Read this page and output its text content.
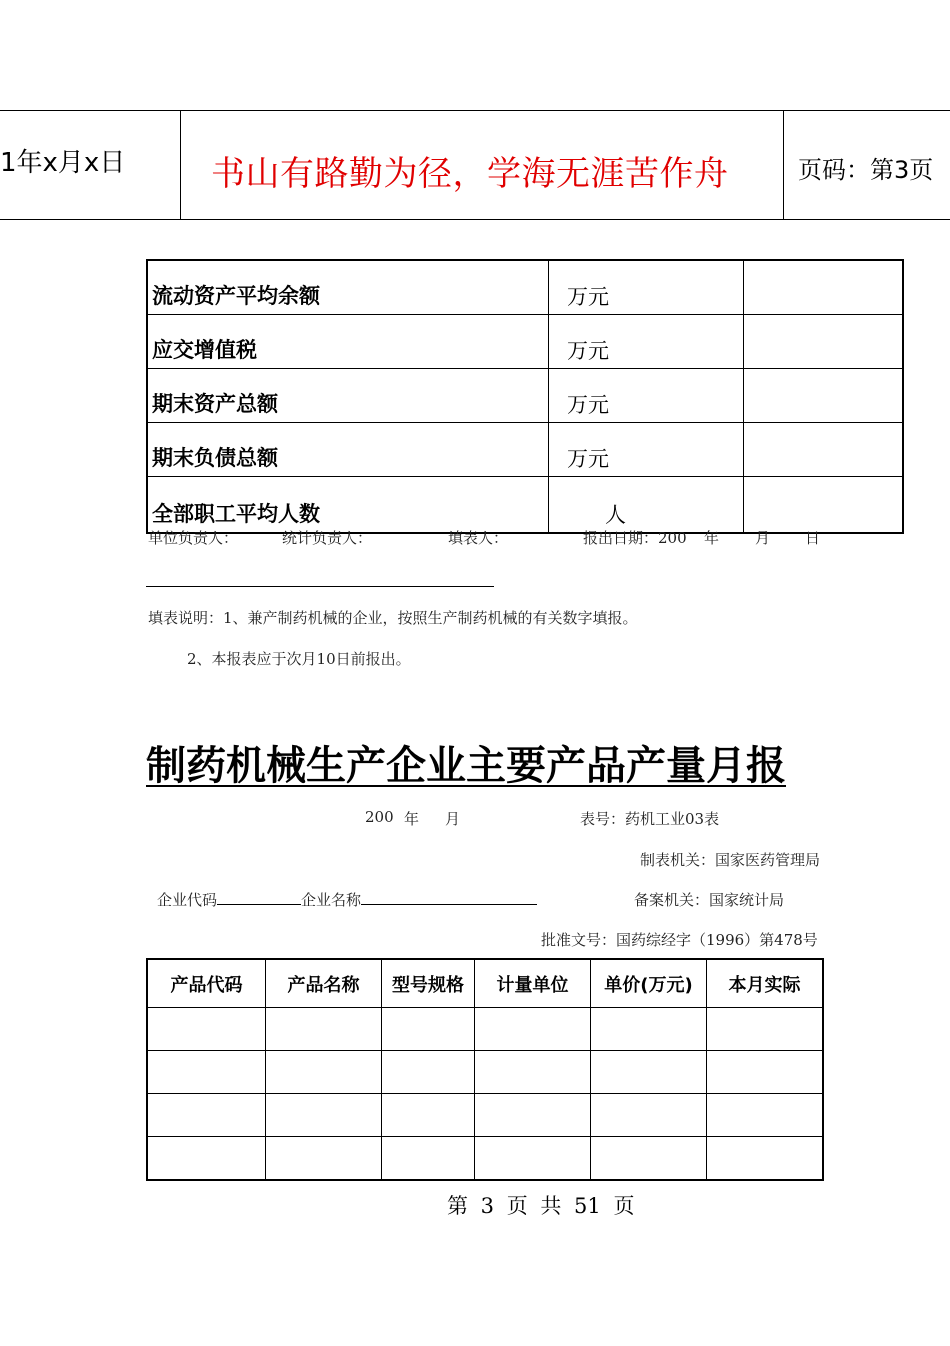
1年x月x日	书山有路勤为径，学海无涯苦作舟	页码：第3页
流动资产平均余额	万元	
应交增值税	万元	
期末资产总额	万元	
期末负债总额	万元	
全部职工平均人数	人	
单位负责人：	统计负责人：	填表人：	报出日期：200 年 月 日
填表说明：1、兼产制药机械的企业，按照生产制药机械的有关数字填报。
2、本报表应于次月10日前报出。
制药机械生产企业主要产品产量月报
200 年 月	表号：药机工业03表
制表机关：国家医药管理局
企业代码	企业名称	备案机关：国家统计局
批准文号：国药综经字（1996）第478号
产品代码	产品名称	型号规格	计量单位	单价(万元)	本月实际

第 3 页 共 51 页
